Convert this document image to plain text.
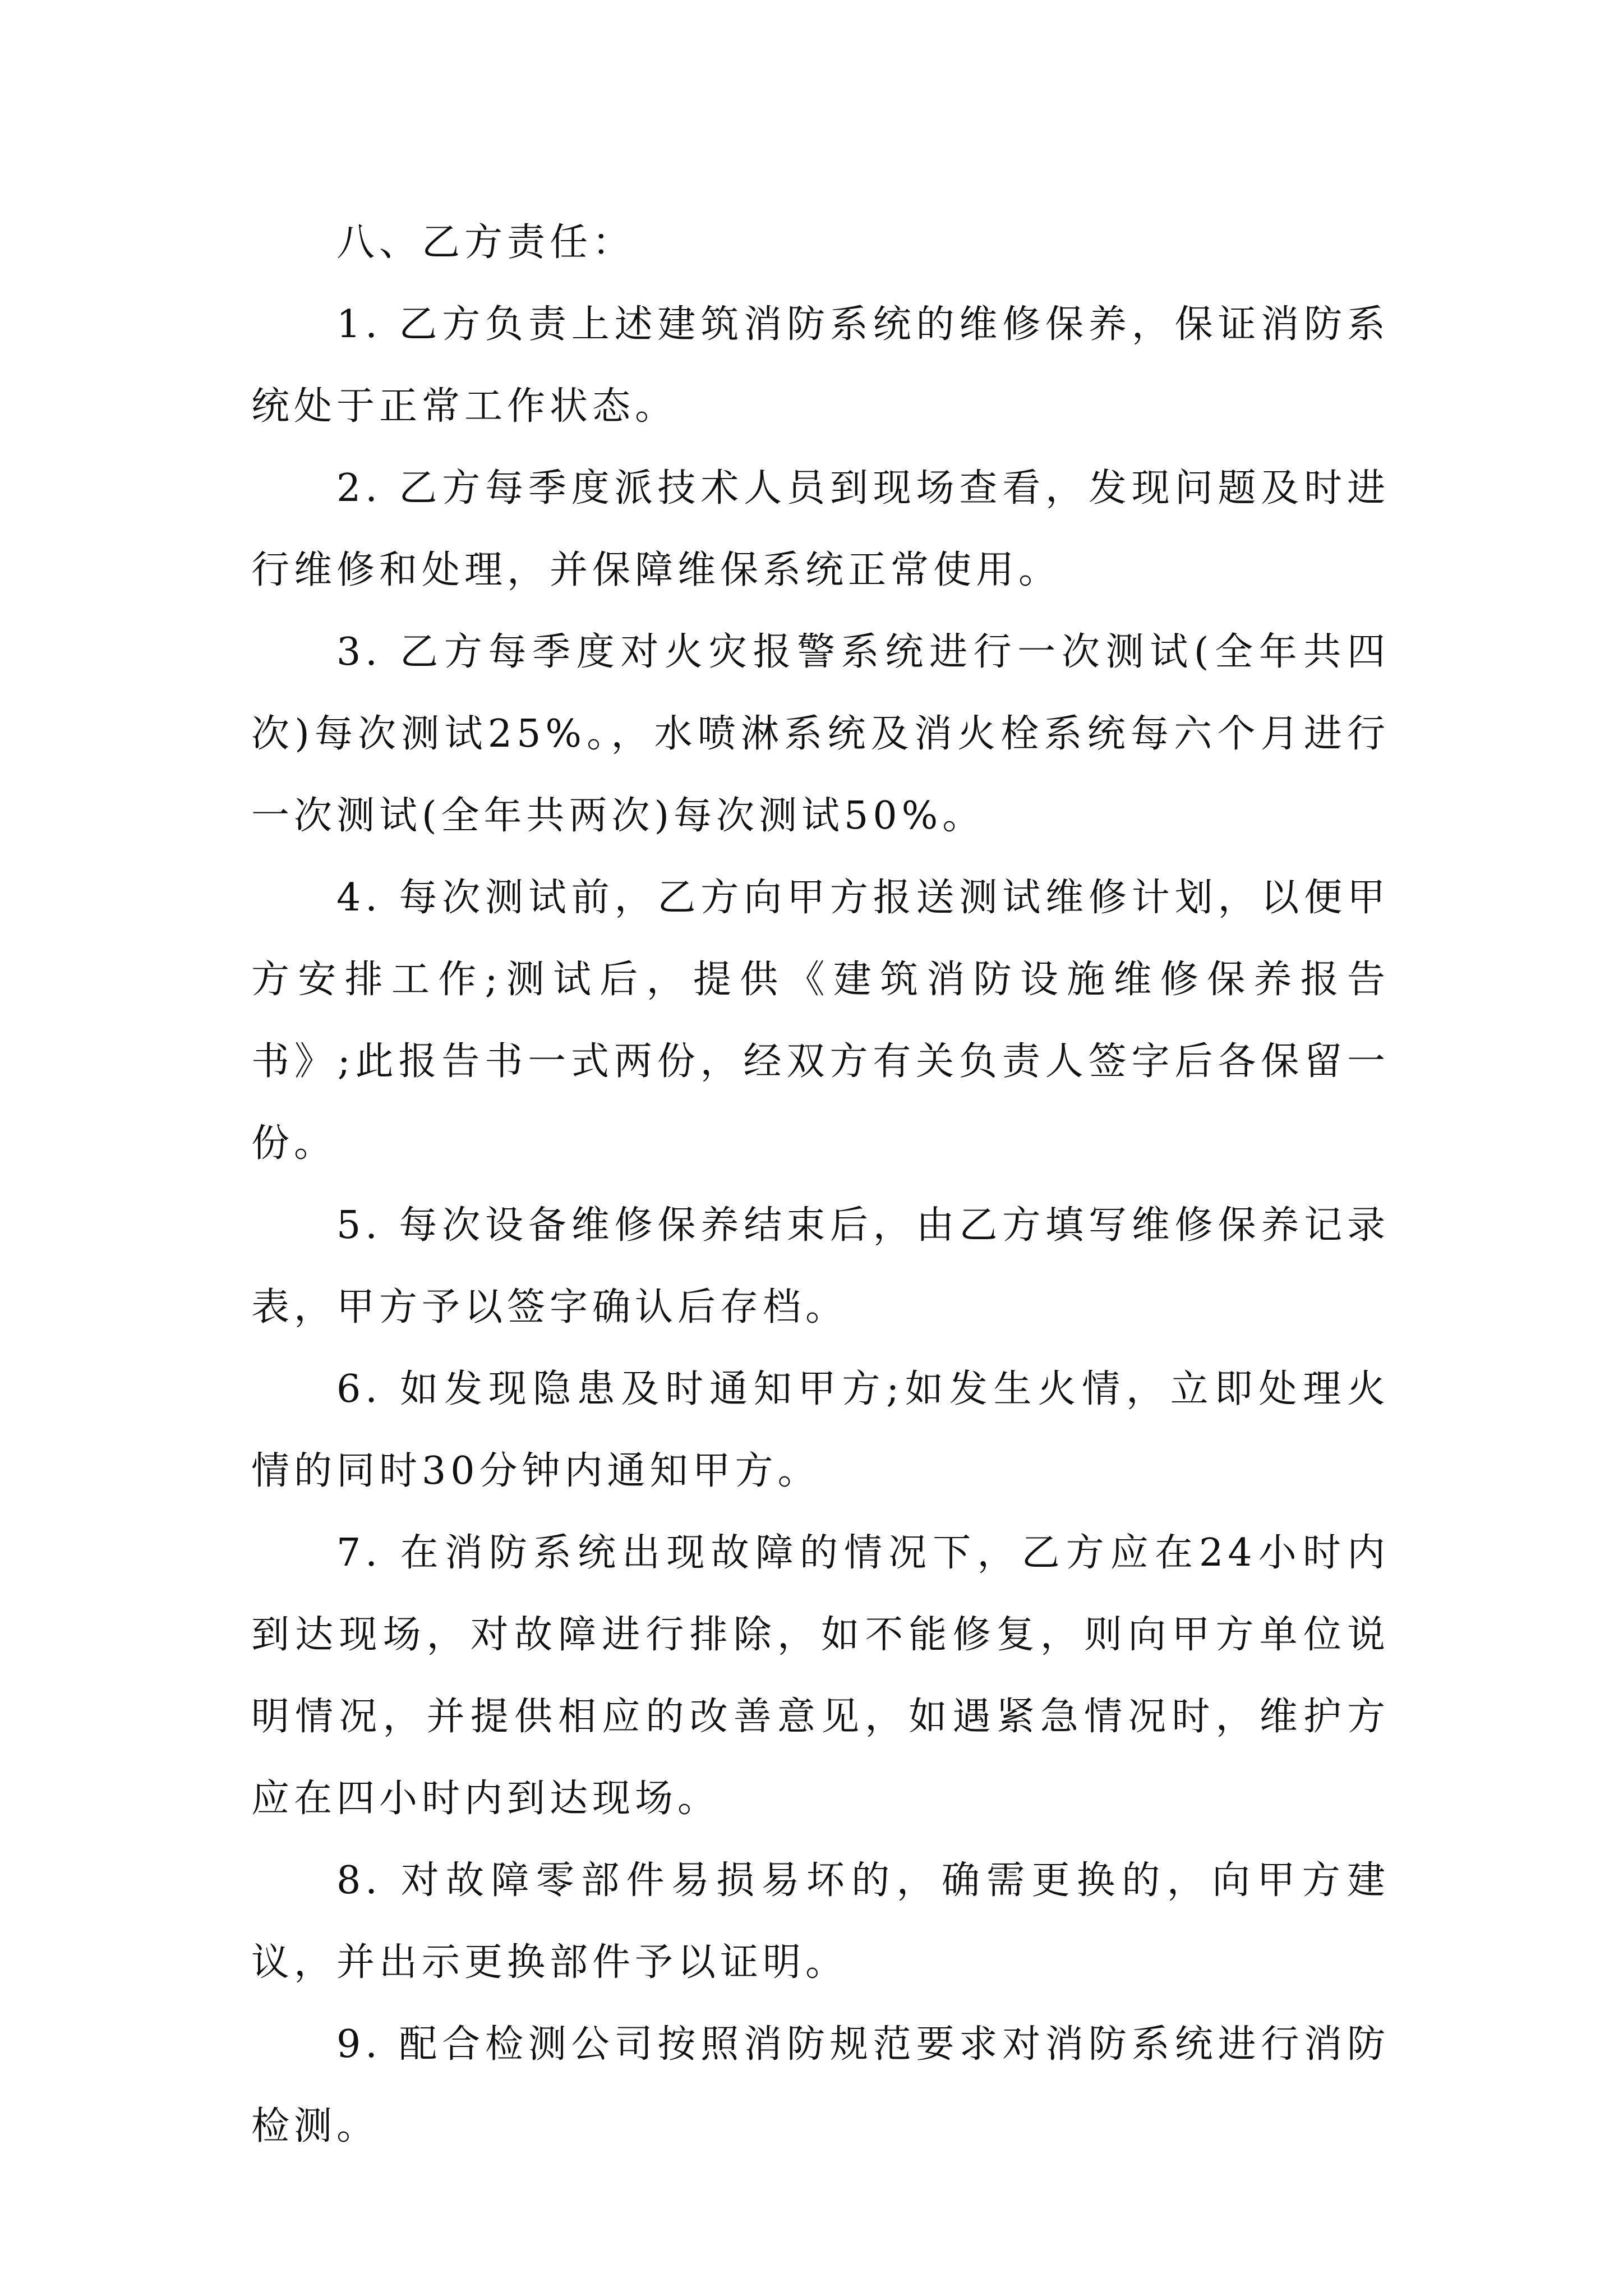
八、乙方责任：

1. 乙方负责上述建筑消防系统的维修保养，保证消防系统处于正常工作状态。

2. 乙方每季度派技术人员到现场查看，发现问题及时进行维修和处理，并保障维保系统正常使用。

3. 乙方每季度对火灾报警系统进行一次测试(全年共四次)每次测试25%。，水喷淋系统及消火栓系统每六个月进行一次测试(全年共两次)每次测试50%。

4. 每次测试前，乙方向甲方报送测试维修计划，以便甲方安排工作;测试后，提供《建筑消防设施维修保养报告书》;此报告书一式两份，经双方有关负责人签字后各保留一份。

5. 每次设备维修保养结束后，由乙方填写维修保养记录表，甲方予以签字确认后存档。

6. 如发现隐患及时通知甲方;如发生火情，立即处理火情的同时30分钟内通知甲方。

7. 在消防系统出现故障的情况下，乙方应在24小时内到达现场，对故障进行排除，如不能修复，则向甲方单位说明情况，并提供相应的改善意见，如遇紧急情况时，维护方应在四小时内到达现场。

8. 对故障零部件易损易坏的，确需更换的，向甲方建议，并出示更换部件予以证明。

9. 配合检测公司按照消防规范要求对消防系统进行消防检测。
